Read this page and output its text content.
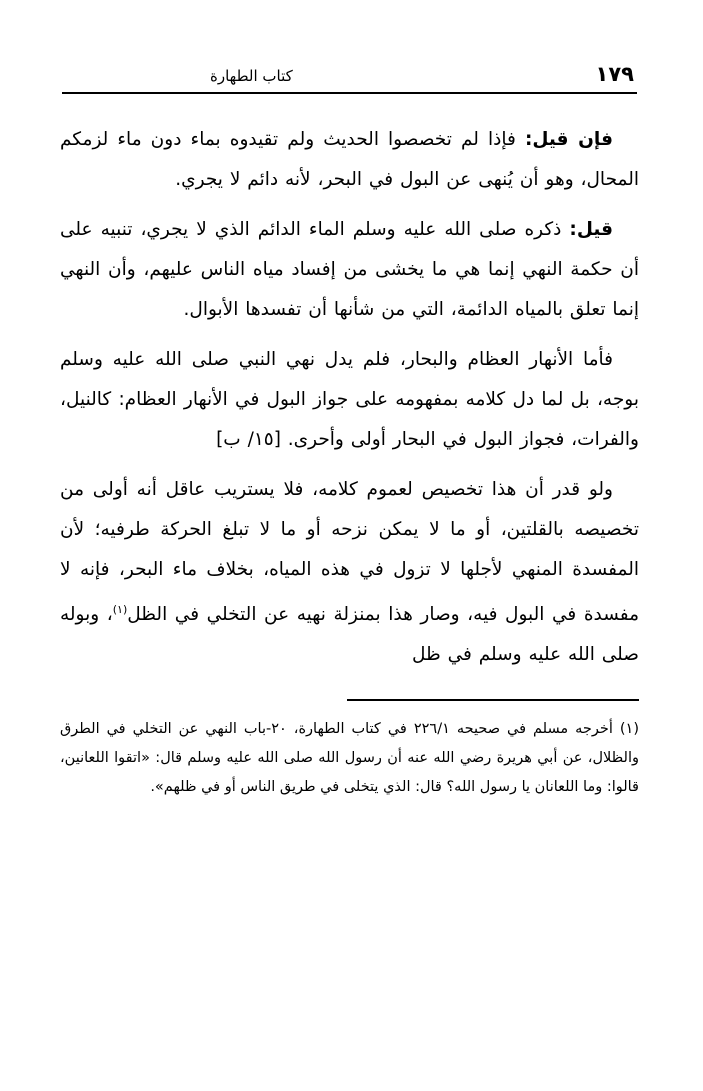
١٧٩
كتاب الطهارة

فإن قيل: فإذا لم تخصصوا الحديث ولم تقيدوه بماء دون ماء لزمكم المحال، وهو أن يُنهى عن البول في البحر، لأنه دائم لا يجري.

قيل: ذكره صلى الله عليه وسلم الماء الدائم الذي لا يجري، تنبيه على أن حكمة النهي إنما هي ما يخشى من إفساد مياه الناس عليهم، وأن النهي إنما تعلق بالمياه الدائمة، التي من شأنها أن تفسدها الأبوال.

فأما الأنهار العظام والبحار، فلم يدل نهي النبي صلى الله عليه وسلم بوجه، بل لما دل كلامه بمفهومه على جواز البول في الأنهار العظام: كالنيل، والفرات، فجواز البول في البحار أولى وأحرى. [١٥/ ب]

ولو قدر أن هذا تخصيص لعموم كلامه، فلا يستريب عاقل أنه أولى من تخصيصه بالقلتين، أو ما لا يمكن نزحه أو ما لا تبلغ الحركة طرفيه؛ لأن المفسدة المنهي لأجلها لا تزول في هذه المياه، بخلاف ماء البحر، فإنه لا مفسدة في البول فيه، وصار هذا بمنزلة نهيه عن التخلي في الظل$^{(١)}$، وبوله صلى الله عليه وسلم في ظل

(١) أخرجه مسلم في صحيحه ٢٢٦/١ في كتاب الطهارة، ٢٠-باب النهي عن التخلي في الطرق والظلال، عن أبي هريرة رضي الله عنه أن رسول الله صلى الله عليه وسلم قال: «اتقوا اللعانين، قالوا: وما اللعانان يا رسول الله؟ قال: الذي يتخلى في طريق الناس أو في ظلهم».
